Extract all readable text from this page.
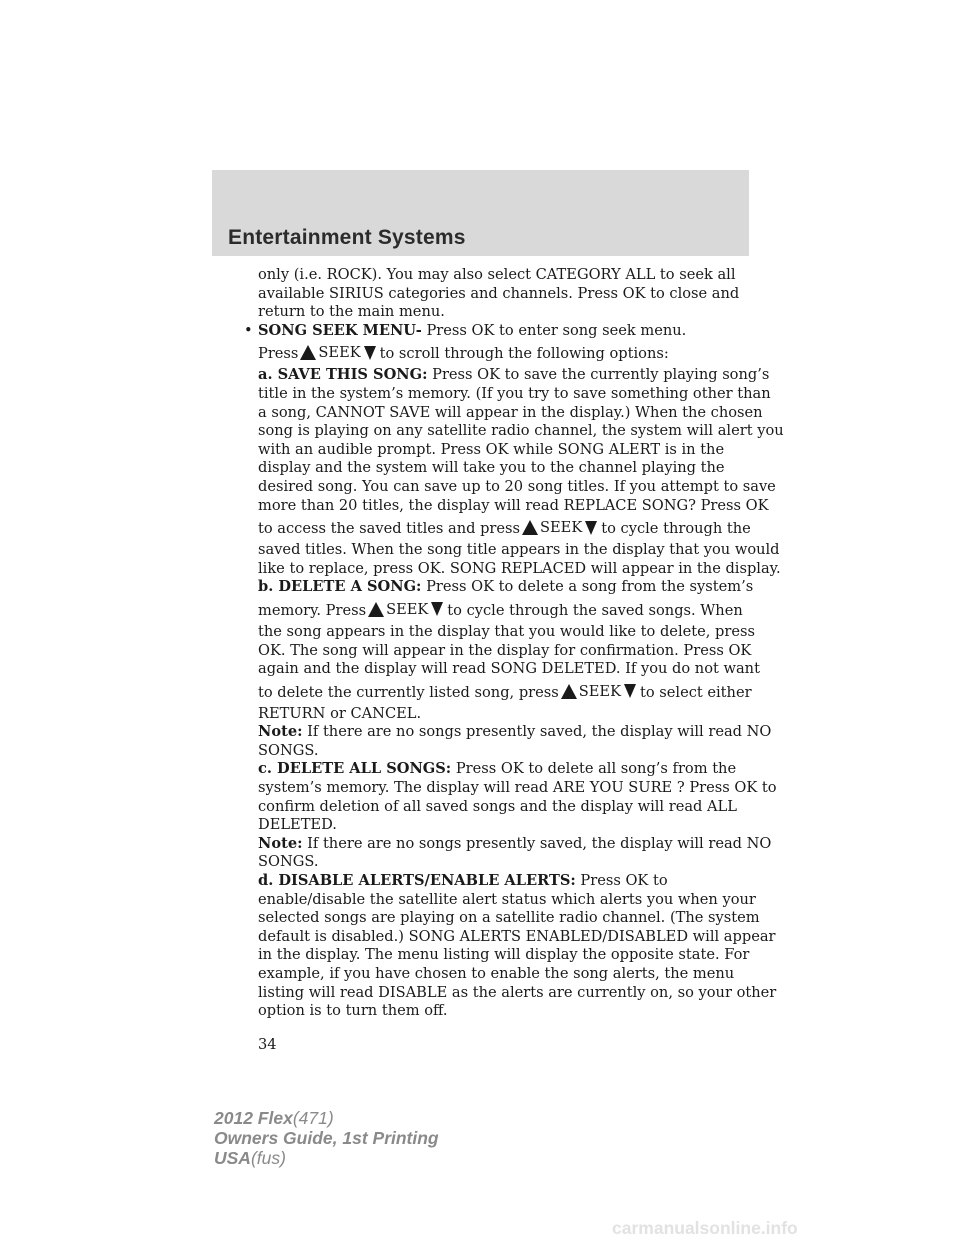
Entertainment Systems
only (i.e. ROCK). You may also select CATEGORY ALL to seek all
available SIRIUS categories and channels. Press OK to close and
return to the main menu.
• SONG SEEK MENU- Press OK to enter song seek menu.
Press SEEK to scroll through the following options:
a. SAVE THIS SONG: Press OK to save the currently playing song’s
title in the system’s memory. (If you try to save something other than
a song, CANNOT SAVE will appear in the display.) When the chosen
song is playing on any satellite radio channel, the system will alert you
with an audible prompt. Press OK while SONG ALERT is in the
display and the system will take you to the channel playing the
desired song. You can save up to 20 song titles. If you attempt to save
more than 20 titles, the display will read REPLACE SONG? Press OK
to access the saved titles and press SEEK to cycle through the
saved titles. When the song title appears in the display that you would
like to replace, press OK. SONG REPLACED will appear in the display.
b. DELETE A SONG: Press OK to delete a song from the system’s
memory. Press SEEK to cycle through the saved songs. When
the song appears in the display that you would like to delete, press
OK. The song will appear in the display for confirmation. Press OK
again and the display will read SONG DELETED. If you do not want
to delete the currently listed song, press SEEK to select either
RETURN or CANCEL.
Note: If there are no songs presently saved, the display will read NO
SONGS.
c. DELETE ALL SONGS: Press OK to delete all song’s from the
system’s memory. The display will read ARE YOU SURE ? Press OK to
confirm deletion of all saved songs and the display will read ALL
DELETED.
Note: If there are no songs presently saved, the display will read NO
SONGS.
d. DISABLE ALERTS/ENABLE ALERTS: Press OK to
enable/disable the satellite alert status which alerts you when your
selected songs are playing on a satellite radio channel. (The system
default is disabled.) SONG ALERTS ENABLED/DISABLED will appear
in the display. The menu listing will display the opposite state. For
example, if you have chosen to enable the song alerts, the menu
listing will read DISABLE as the alerts are currently on, so your other
option is to turn them off.
34
2012 Flex(471)
Owners Guide, 1st Printing
USA(fus)
carmanualsonline.info
